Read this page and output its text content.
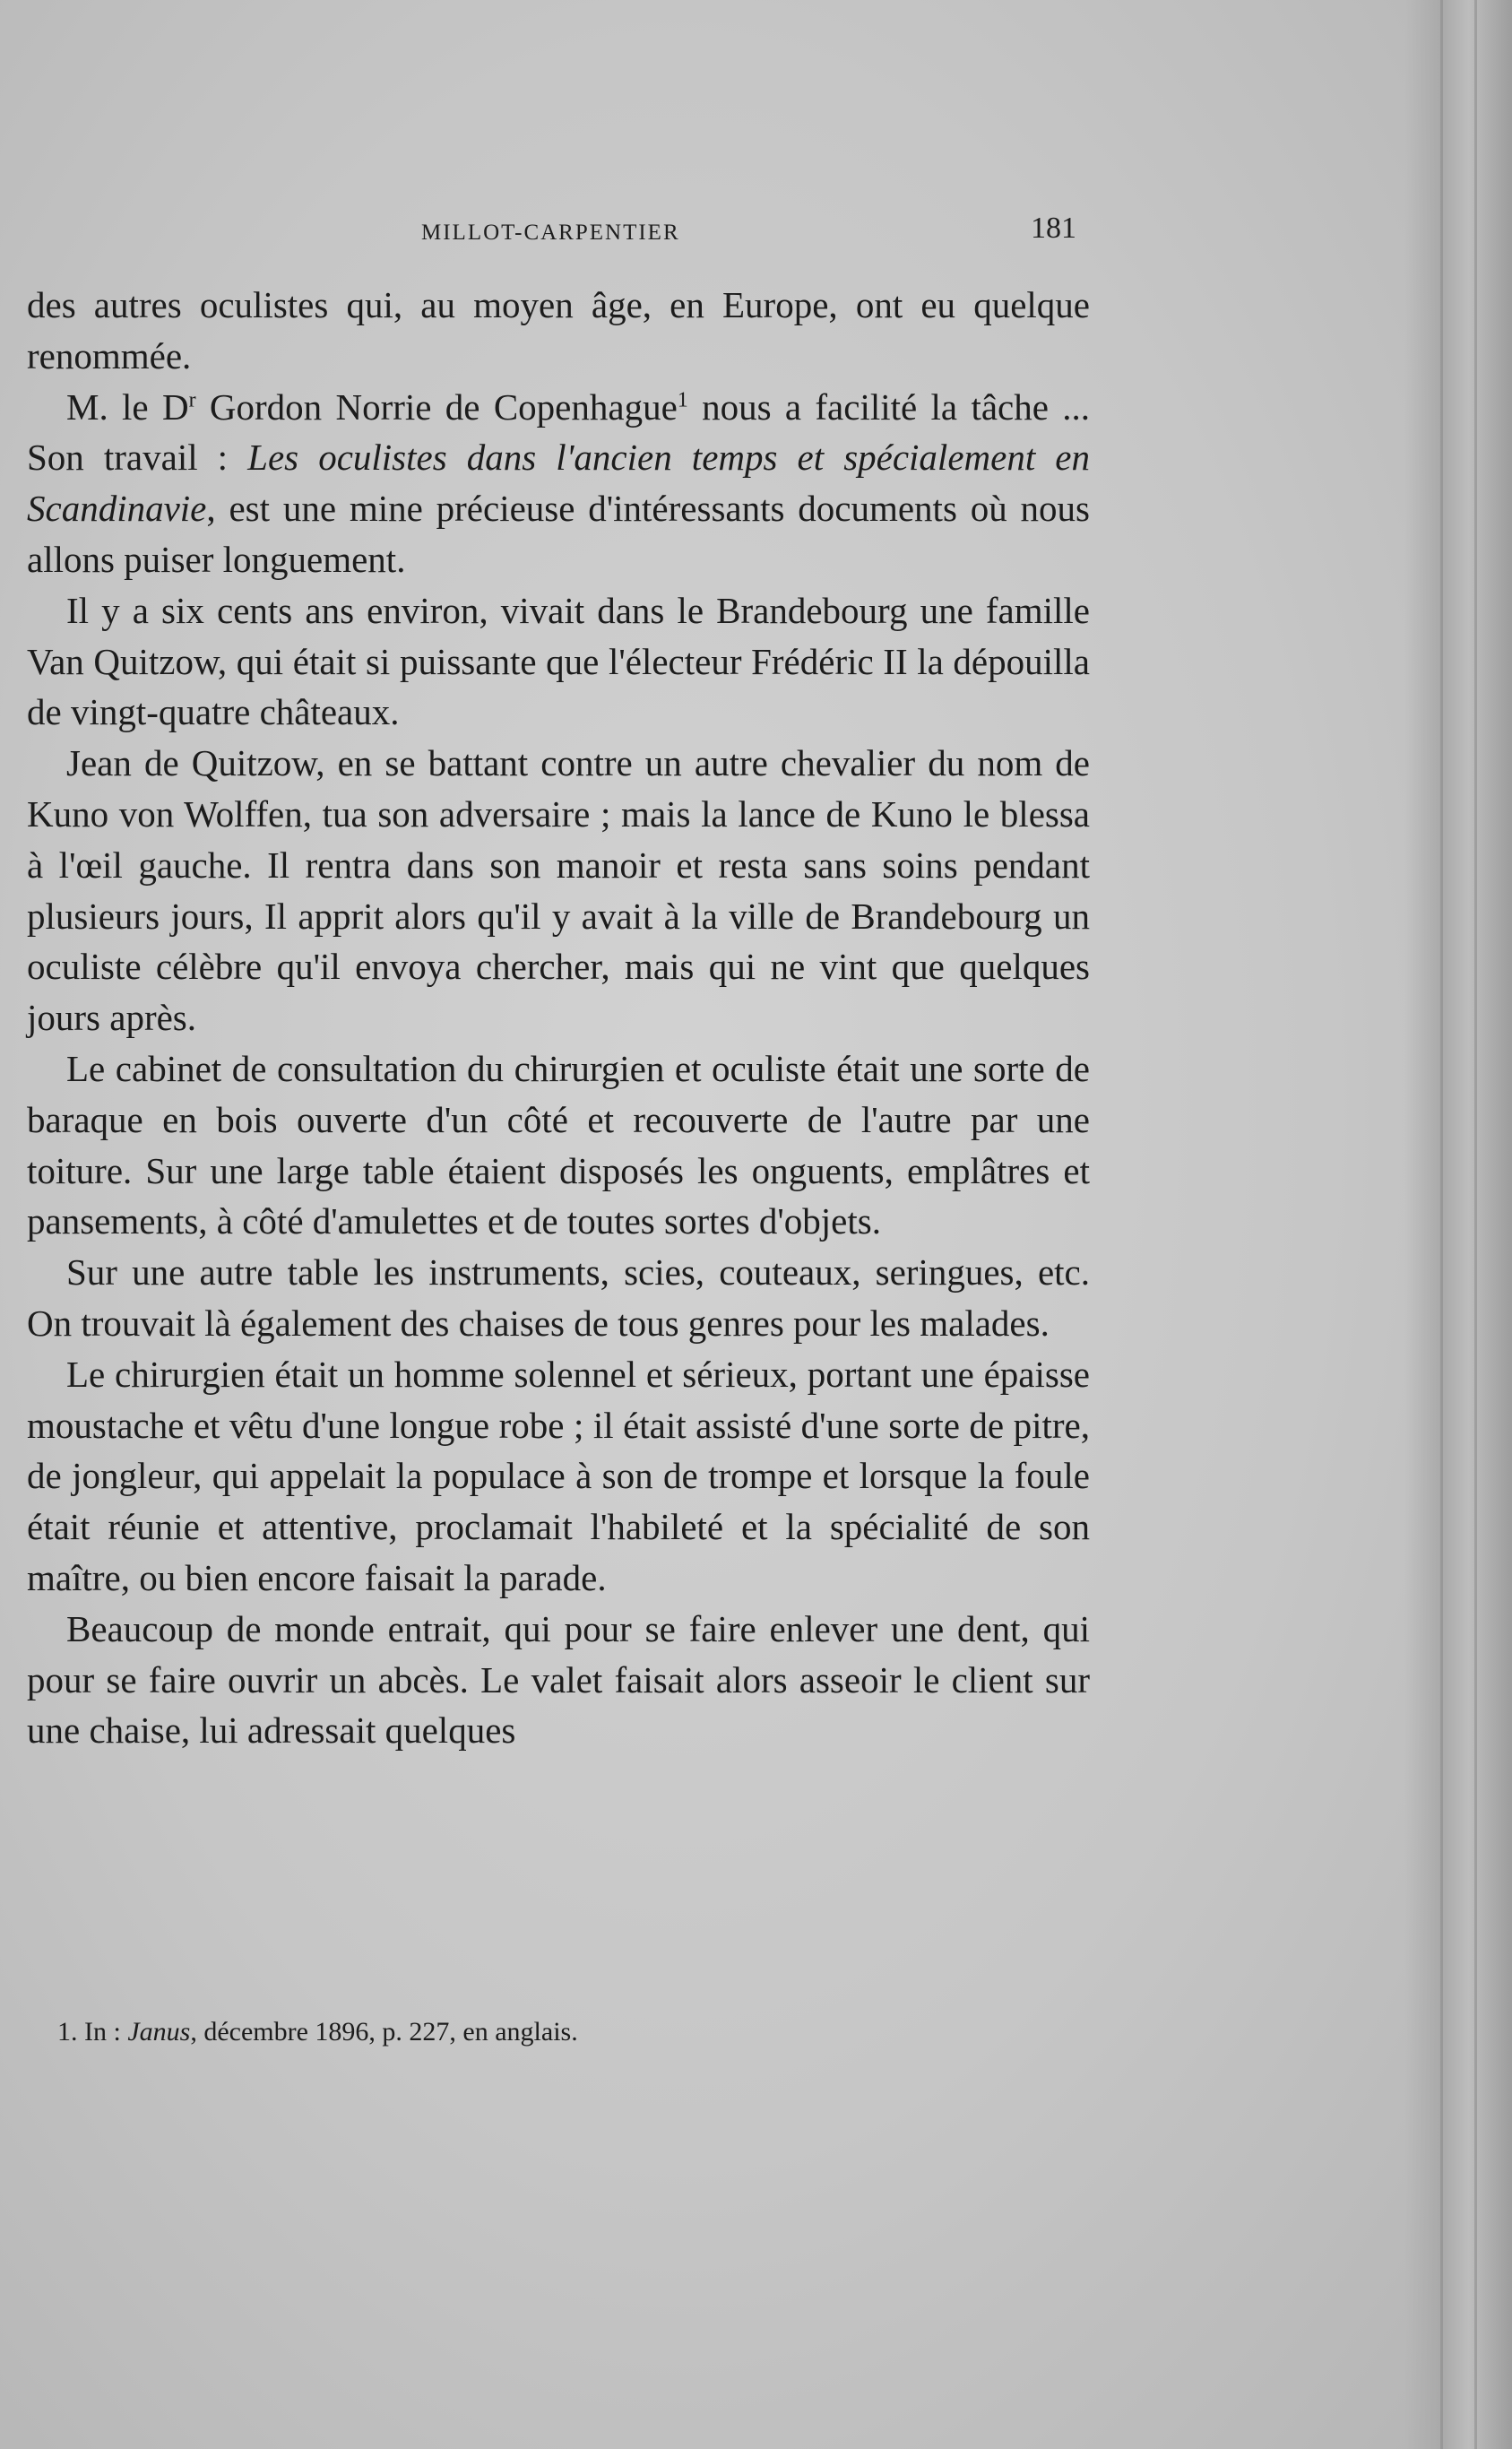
MILLOT-CARPENTIER	181

des autres oculistes qui, au moyen âge, en Europe, ont eu quelque renommée.

M. le $D^r$ Gordon Norrie de Copenhague$^1$ nous a facilité la tâche ... Son travail : Les oculistes dans l'ancien temps et spécialement en Scandinavie, est une mine précieuse d'intéressants documents où nous allons puiser longuement.

Il y a six cents ans environ, vivait dans le Brandebourg une famille Van Quitzow, qui était si puissante que l'électeur Frédéric II la dépouilla de vingt-quatre châteaux.

Jean de Quitzow, en se battant contre un autre chevalier du nom de Kuno von Wolffen, tua son adversaire ; mais la lance de Kuno le blessa à l'œil gauche. Il rentra dans son manoir et resta sans soins pendant plusieurs jours, Il apprit alors qu'il y avait à la ville de Brandebourg un oculiste célèbre qu'il envoya chercher, mais qui ne vint que quelques jours après.

Le cabinet de consultation du chirurgien et oculiste était une sorte de baraque en bois ouverte d'un côté et recouverte de l'autre par une toiture. Sur une large table étaient disposés les onguents, emplâtres et pansements, à côté d'amulettes et de toutes sortes d'objets.

Sur une autre table les instruments, scies, couteaux, seringues, etc. On trouvait là également des chaises de tous genres pour les malades.

Le chirurgien était un homme solennel et sérieux, portant une épaisse moustache et vêtu d'une longue robe ; il était assisté d'une sorte de pitre, de jongleur, qui appelait la populace à son de trompe et lorsque la foule était réunie et attentive, proclamait l'habileté et la spécialité de son maître, ou bien encore faisait la parade.

Beaucoup de monde entrait, qui pour se faire enlever une dent, qui pour se faire ouvrir un abcès. Le valet faisait alors asseoir le client sur une chaise, lui adressait quelques

1. In : Janus, décembre 1896, p. 227, en anglais.
